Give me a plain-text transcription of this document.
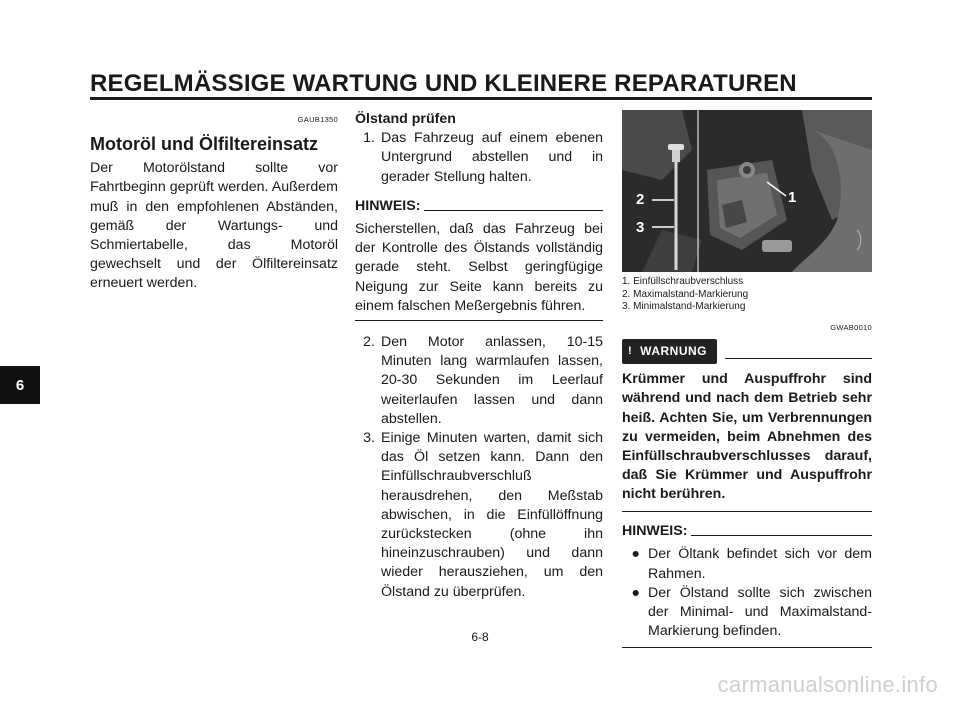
REGELMÄSSIGE WARTUNG UND KLEINERE REPARATUREN
6
GAUB1350
Motoröl und Ölfiltereinsatz
Der Motorölstand sollte vor Fahrtbeginn geprüft werden. Außerdem muß in den empfohlenen Abständen, gemäß der Wartungs- und Schmiertabelle, das Motoröl gewechselt und der Ölfiltereinsatz erneuert werden.
Ölstand prüfen
1. Das Fahrzeug auf einem ebenen Untergrund abstellen und in gerader Stellung halten.
HINWEIS:
Sicherstellen, daß das Fahrzeug bei der Kontrolle des Ölstands vollständig gerade steht. Selbst geringfügige Neigung zur Seite kann bereits zu einem falschen Meßergebnis führen.
2. Den Motor anlassen, 10-15 Minuten lang warmlaufen lassen, 20-30 Sekunden im Leerlauf weiterlaufen lassen und dann abstellen.
3. Einige Minuten warten, damit sich das Öl setzen kann. Dann den Einfüllschraubverschluß herausdrehen, den Meßstab abwischen, in die Einfüllöffnung zurückstecken (ohne ihn hineinzuschrauben) und dann wieder herausziehen, um den Ölstand zu überprüfen.
2
3
1
1. Einfüllschraubverschluss
2. Maximalstand-Markierung
3. Minimalstand-Markierung
GWAB0010
! WARNUNG
Krümmer und Auspuffrohr sind während und nach dem Betrieb sehr heiß. Achten Sie, um Verbrennungen zu vermeiden, beim Abnehmen des Einfüllschraubverschlusses darauf, daß Sie Krümmer und Auspuffrohr nicht berühren.
HINWEIS:
● Der Öltank befindet sich vor dem Rahmen.
● Der Ölstand sollte sich zwischen der Minimal- und Maximalstand-Markierung befinden.
6-8
carmanualsonline.info
